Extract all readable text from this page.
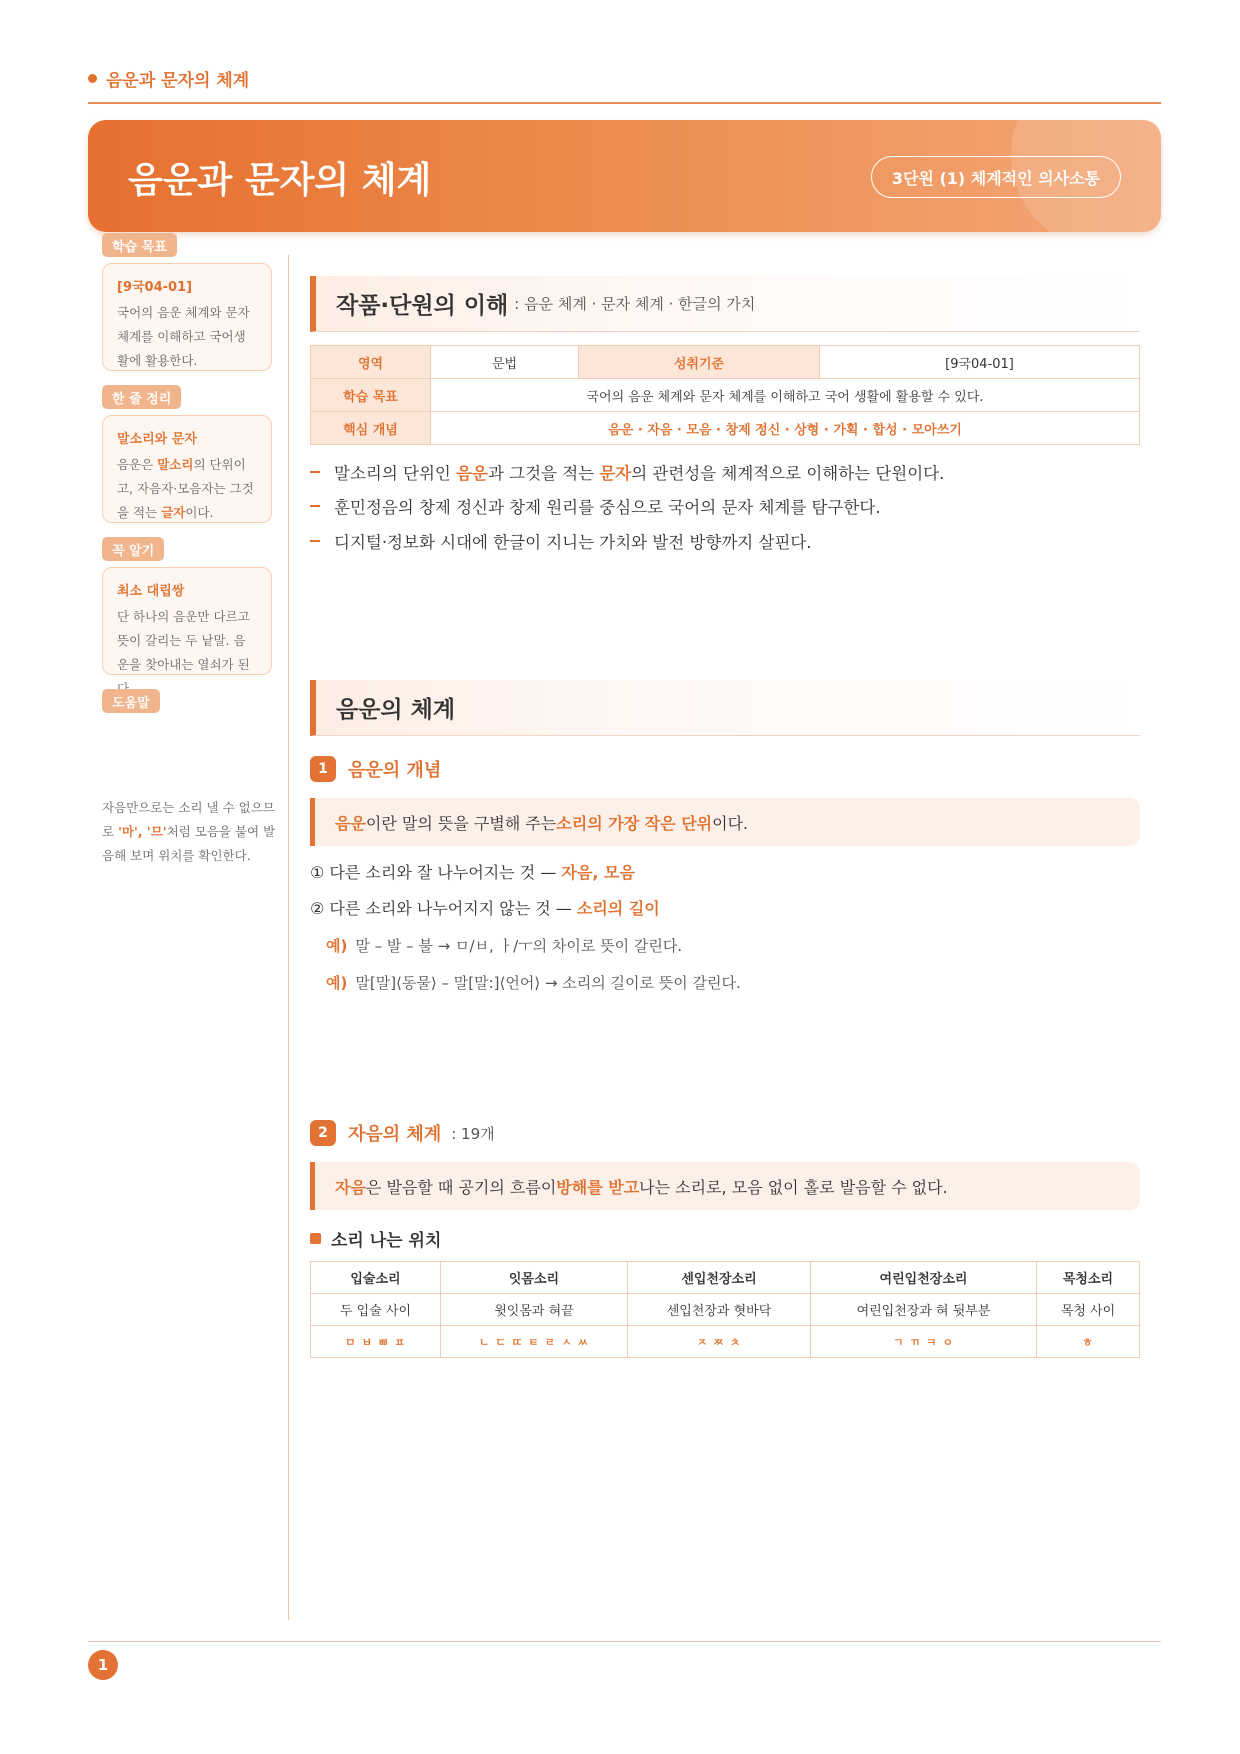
음운과 문자의 체계
음운과 문자의 체계	3단원 (1) 체계적인 의사소통
학습 목표
[9국04-01]
국어의 음운 체계와 문자 체계를 이해하고 국어생활에 활용한다.
한 줄 정리
말소리와 문자
음운은 말소리의 단위이고, 자음자·모음자는 그것을 적는 글자이다.
꼭 알기
최소 대립쌍
단 하나의 음운만 다르고 뜻이 갈리는 두 낱말. 음운을 찾아내는 열쇠가 된
도움말
자음만으로는 소리 낼 수 없으므로 '마', '므'처럼 모음을 붙여 발음해 보며 위치를 확인한다.
작품·단원의 이해 : 음운 체계 · 문자 체계 · 한글의 가치
영역	문법	성취기준	[9국04-01]
학습 목표	국어의 음운 체계와 문자 체계를 이해하고 국어 생활에 활용할 수 있다.		
핵심 개념	음운 · 자음 · 모음 · 창제 정신 · 상형 · 가획 · 합성 · 모아쓰기		
말소리의 단위인 음운과 그것을 적는 문자의 관련성을 체계적으로 이해하는 단원이다.
훈민정음의 창제 정신과 창제 원리를 중심으로 국어의 문자 체계를 탐구한다.
디지털·정보화 시대에 한글이 지니는 가치와 발전 방향까지 살핀다.
음운의 체계
1	음운의 개념
음운 이란 말의 뜻을 구별해 주는 소리의 가장 작은 단위 이다.
① 다른 소리와 잘 나누어지는 것 — 자음, 모음
② 다른 소리와 나누어지지 않는 것 — 소리의 길이
예) 말 – 발 – 불 → ㅁ/ㅂ, ㅏ/ㅜ의 차이로 뜻이 갈린다.
예) 말[말]⟨동물⟩ – 말[말:]⟨언어⟩ → 소리의 길이로 뜻이 갈린다.
2	자음의 체계 : 19개
자음 은 발음할 때 공기의 흐름이 방해를 받고 나는 소리로, 모음 없이 홀로 발음할 수 없다.
소리 나는 위치
입술소리	잇몸소리	센입천장소리	여린입천장소리	목청소리
두 입술 사이	윗잇몸과 혀끝	센입천장과 혓바닥	여린입천장과 혀 뒷부분	목청 사이
ㅁ ㅂ ㅃ ㅍ	ㄴ ㄷ ㄸ ㅌ ㄹ ㅅ ㅆ	ㅈ ㅉ ㅊ	ㄱ ㄲ ㅋ ㅇ	ㅎ
1
